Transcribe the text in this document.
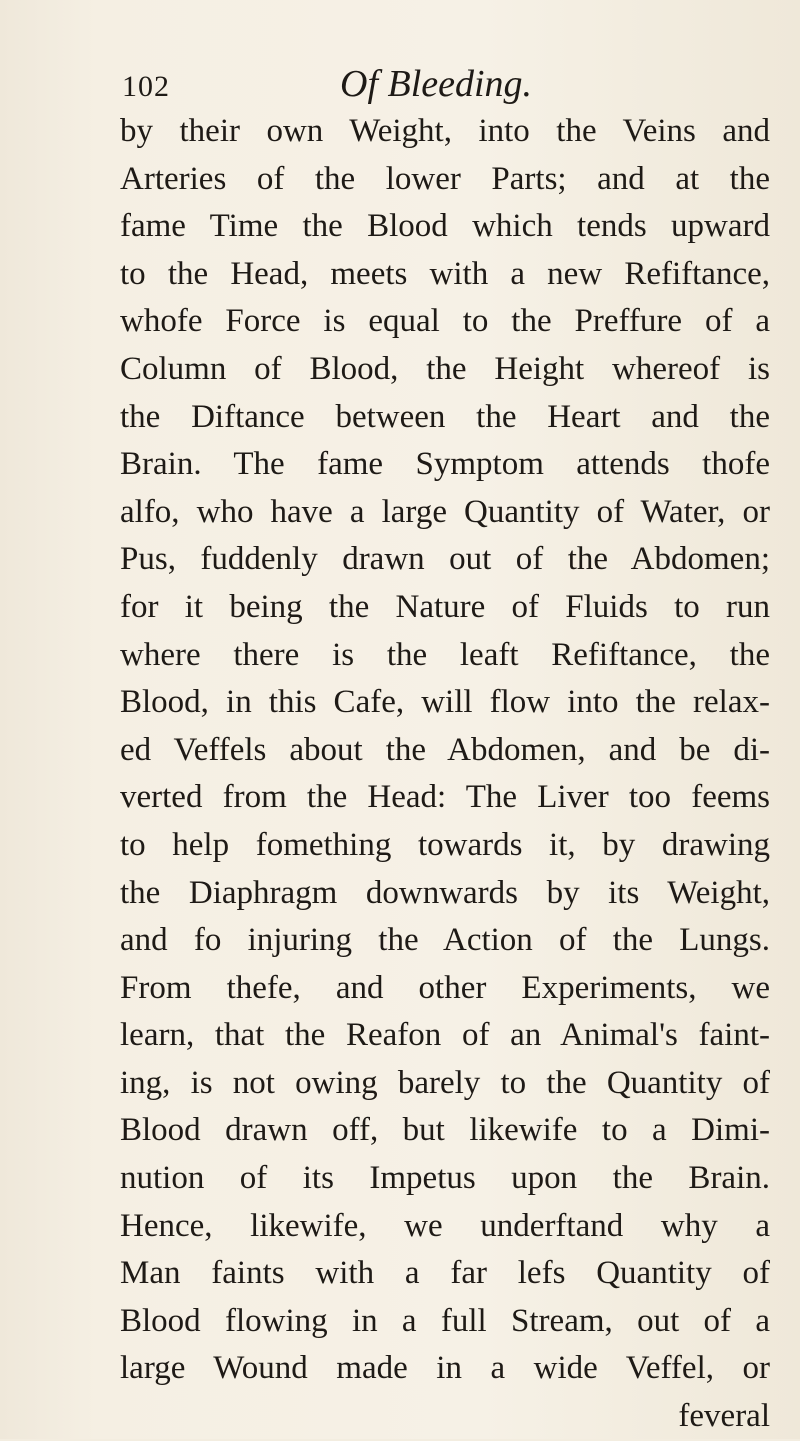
102	Of Bleeding.
by their own Weight, into the Veins and
Arteries of the lower Parts; and at the
fame Time the Blood which tends upward
to the Head, meets with a new Refiftance,
whofe Force is equal to the Preffure of a
Column of Blood, the Height whereof is
the Diftance between the Heart and the
Brain. The fame Symptom attends thofe
alfo, who have a large Quantity of Water, or
Pus, fuddenly drawn out of the Abdomen;
for it being the Nature of Fluids to run
where there is the leaft Refiftance, the
Blood, in this Cafe, will flow into the relax-
ed Veffels about the Abdomen, and be di-
verted from the Head: The Liver too feems
to help fomething towards it, by drawing
the Diaphragm downwards by its Weight,
and fo injuring the Action of the Lungs.
From thefe, and other Experiments, we
learn, that the Reafon of an Animal's faint-
ing, is not owing barely to the Quantity of
Blood drawn off, but likewife to a Dimi-
nution of its Impetus upon the Brain.
Hence, likewife, we underftand why a
Man faints with a far lefs Quantity of
Blood flowing in a full Stream, out of a
large Wound made in a wide Veffel, or
feveral
